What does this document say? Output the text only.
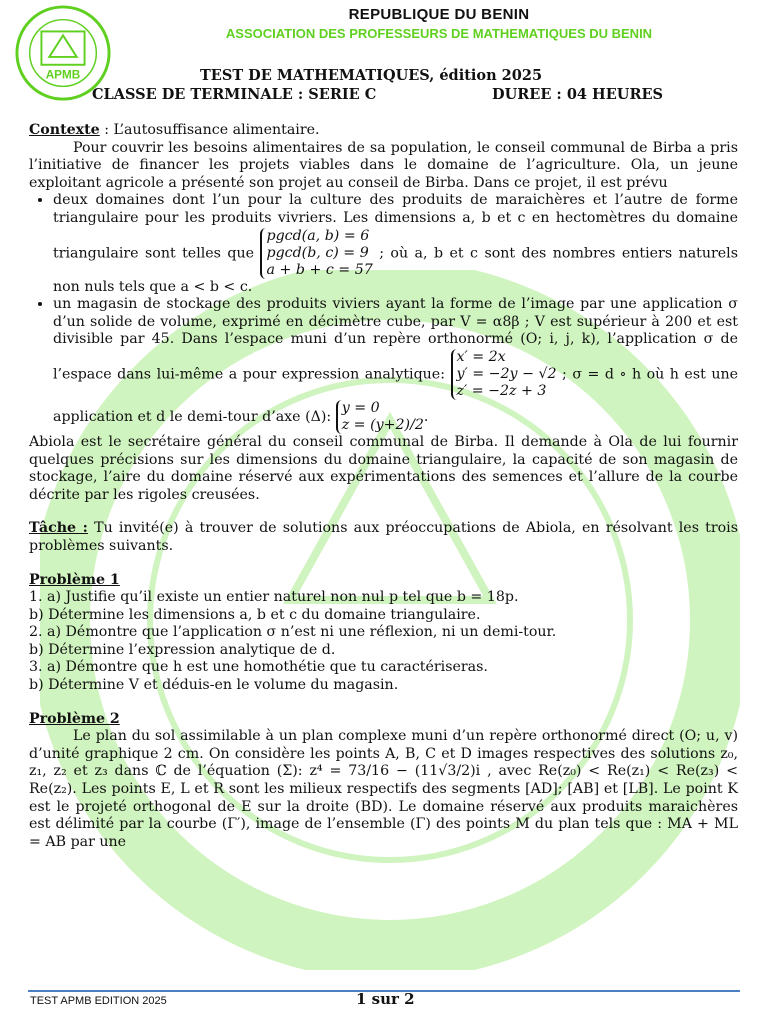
APMB
REPUBLIQUE DU BENIN
ASSOCIATION DES PROFESSEURS DE MATHEMATIQUES DU BENIN
TEST DE MATHEMATIQUES, édition 2025
CLASSE DE TERMINALE : SERIE C	DUREE : 04 HEURES

Contexte : L’autosuffisance alimentaire.

Pour couvrir les besoins alimentaires de sa population, le conseil communal de Birba a pris l’initiative de financer les projets viables dans le domaine de l’agriculture. Ola, un jeune exploitant agricole a présenté son projet au conseil de Birba. Dans ce projet, il est prévu

• deux domaines dont l’un pour la culture des produits de maraichères et l’autre de forme triangulaire pour les produits vivriers. Les dimensions a, b et c en hectomètres du domaine triangulaire sont telles que pgcd(a, b) = 6
pgcd(b, c) = 9
a + b + c = 57 ; où a, b et c sont des nombres entiers naturels non nuls tels que a < b < c.
• un magasin de stockage des produits viviers ayant la forme de l’image par une application σ d’un solide de volume, exprimé en décimètre cube, par V = α8β ; V est supérieur à 200 et est divisible par 45. Dans l’espace muni d’un repère orthonormé (O; i, j, k), l’application σ de l’espace dans lui-même a pour expression analytique: x′ = 2x
y′ = −2y − √2
z′ = −2z + 3 ; σ = d ∘ h où h est une application et d le demi-tour d’axe (Δ): y = 0
z = (y+2)/2.

Abiola est le secrétaire général du conseil communal de Birba. Il demande à Ola de lui fournir quelques précisions sur les dimensions du domaine triangulaire, la capacité de son magasin de stockage, l’aire du domaine réservé aux expérimentations des semences et l’allure de la courbe décrite par les rigoles creusées.

Tâche : Tu invité(e) à trouver de solutions aux préoccupations de Abiola, en résolvant les trois problèmes suivants.

Problème 1

1. a) Justifie qu’il existe un entier naturel non nul p tel que b = 18p.

b) Détermine les dimensions a, b et c du domaine triangulaire.

2. a) Démontre que l’application σ n’est ni une réflexion, ni un demi-tour.

b) Détermine l’expression analytique de d.

3. a) Démontre que h est une homothétie que tu caractériseras.

b) Détermine V et déduis-en le volume du magasin.

Problème 2

Le plan du sol assimilable à un plan complexe muni d’un repère orthonormé direct (O; u, v) d’unité graphique 2 cm. On considère les points A, B, C et D images respectives des solutions z₀, z₁, z₂ et z₃ dans ℂ de l’équation (Σ): z⁴ = 73/16 − (11√3/2)i , avec Re(z₀) < Re(z₁) < Re(z₃) < Re(z₂). Les points E, L et R sont les milieux respectifs des segments [AD]; [AB] et [LB]. Le point K est le projeté orthogonal de E sur la droite (BD). Le domaine réservé aux produits maraichères est délimité par la courbe (Γ′), image de l’ensemble (Γ) des points M du plan tels que : MA + ML = AB par une

TEST APMB EDITION 2025	1 sur 2
